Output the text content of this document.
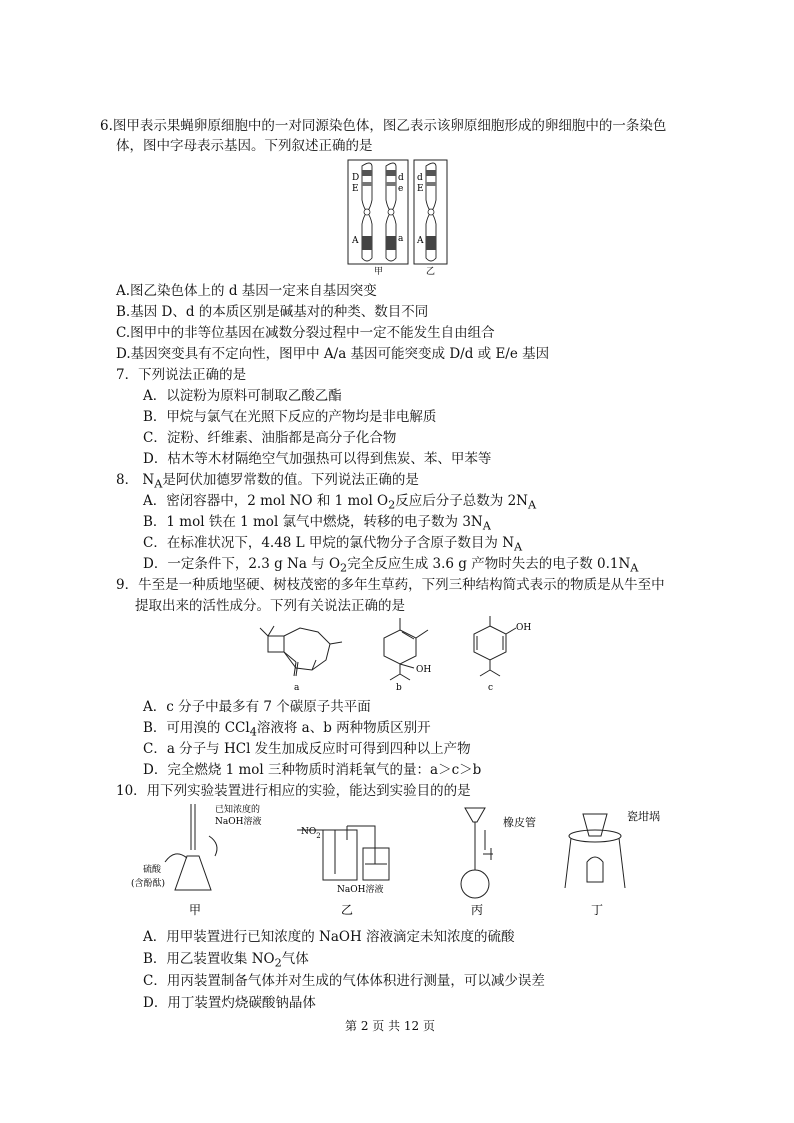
6.图甲表示果蝇卵原细胞中的一对同源染色体，图乙表示该卵原细胞形成的卵细胞中的一条染色
体，图中字母表示基因。下列叙述正确的是
D
E
A
d
e
a
d
E
A
甲	乙
A.图乙染色体上的 d 基因一定来自基因突变
B.基因 D、d 的本质区别是碱基对的种类、数目不同
C.图甲中的非等位基因在减数分裂过程中一定不能发生自由组合
D.基因突变具有不定向性，图甲中 A/a 基因可能突变成 D/d 或 E/e 基因
7．下列说法正确的是
A．以淀粉为原料可制取乙酸乙酯
B．甲烷与氯气在光照下反应的产物均是非电解质
C．淀粉、纤维素、油脂都是高分子化合物
D．枯木等木材隔绝空气加强热可以得到焦炭、苯、甲苯等
8． $N_A$是阿伏加德罗常数的值。下列说法正确的是
A．密闭容器中，2 mol NO 和 1 mol $O_2$反应后分子总数为 $2N_A$
B．1 mol 铁在 1 mol 氯气中燃烧，转移的电子数为 $3N_A$
C．在标准状况下，4.48 L 甲烷的氯代物分子含原子数目为 $N_A$
D．一定条件下，2.3 g Na 与 $O_2$完全反应生成 3.6 g 产物时失去的电子数 $0.1N_A$
9．牛至是一种质地坚硬、树枝茂密的多年生草药，下列三种结构简式表示的物质是从牛至中
提取出来的活性成分。下列有关说法正确的是
a
OH
b
OH
c
A．c 分子中最多有 7 个碳原子共平面
B．可用溴的 CCl$_4$溶液将 a、b 两种物质区别开
C．a 分子与 HCl 发生加成反应时可得到四种以上产物
D．完全燃烧 1 mol 三种物质时消耗氧气的量：a＞c＞b
10．用下列实验装置进行相应的实验，能达到实验目的的是
已知浓度的
NaOH溶液
硫酸
(含酚酞)
甲
$NO_2$
NaOH溶液
乙
橡皮管
丙
瓷坩埚
丁
A．用甲装置进行已知浓度的 NaOH 溶液滴定未知浓度的硫酸
B．用乙装置收集 $NO_2$气体
C．用丙装置制备气体并对生成的气体体积进行测量，可以减少误差
D．用丁装置灼烧碳酸钠晶体
第 2 页 共 12 页
